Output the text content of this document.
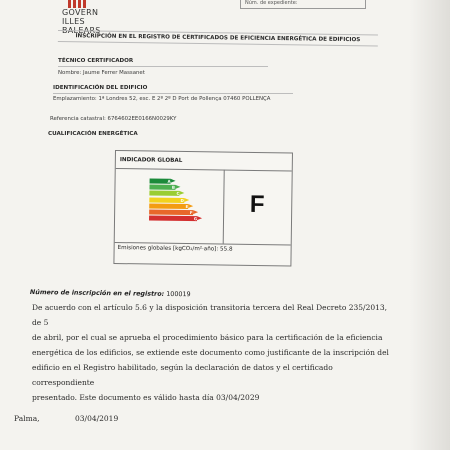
GOVERN
ILLES
BALEARS
Núm. de expediente:
INSCRIPCIÓN EN EL REGISTRO DE CERTIFICADOS DE EFICIENCIA ENERGÉTICA DE EDIFICIOS
TÉCNICO CERTIFICADOR
Nombre: Jaume Ferrer Massanet
IDENTIFICACIÓN DEL EDIFICIO
Emplazamiento: 1ª Londres 52, esc. E 2º 2º D Port de Pollença 07460 POLLENÇA
Referencia catastral: 6764602EE0166N0029KY
CUALIFICACIÓN ENERGÉTICA
INDICADOR GLOBAL
A
B
C
D
E
F
G
F
Emisiones globales [kgCO₂/m²·año]: 55.8
Número de inscripción en el registro: 100019
De acuerdo con el artículo 5.6 y la disposición transitoria tercera del Real Decreto 235/2013, de 5
de abril, por el cual se aprueba el procedimiento básico para la certificación de la eficiencia
energética de los edificios, se extiende este documento como justificante de la inscripción del
edificio en el Registro habilitado, según la declaración de datos y el certificado correspondiente
presentado. Este documento es válido hasta día 03/04/2029
Palma,	03/04/2019
